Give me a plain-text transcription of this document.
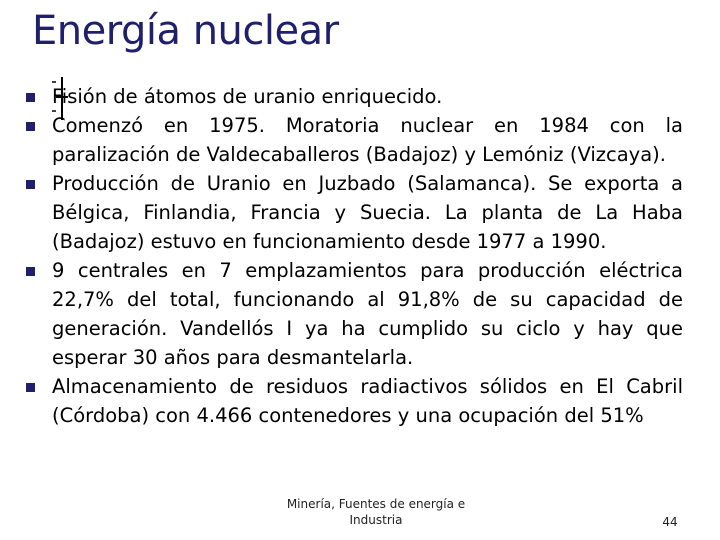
Energía nuclear
Fisión de átomos de uranio enriquecido.
Comenzó en 1975. Moratoria nuclear en 1984 con la paralización de Valdecaballeros (Badajoz) y Lemóniz (Vizcaya).
Producción de Uranio en Juzbado (Salamanca). Se exporta a Bélgica, Finlandia, Francia y Suecia. La planta de La Haba (Badajoz) estuvo en funcionamiento desde 1977 a 1990.
9 centrales en 7 emplazamientos para producción eléctrica 22,7% del total, funcionando al 91,8% de su capacidad de generación. Vandellós I ya ha cumplido su ciclo y hay que esperar 30 años para desmantelarla.
Almacenamiento de residuos radiactivos sólidos en El Cabril (Córdoba) con 4.466 contenedores y una ocupación del 51%
Minería, Fuentes de energía e Industria	44
